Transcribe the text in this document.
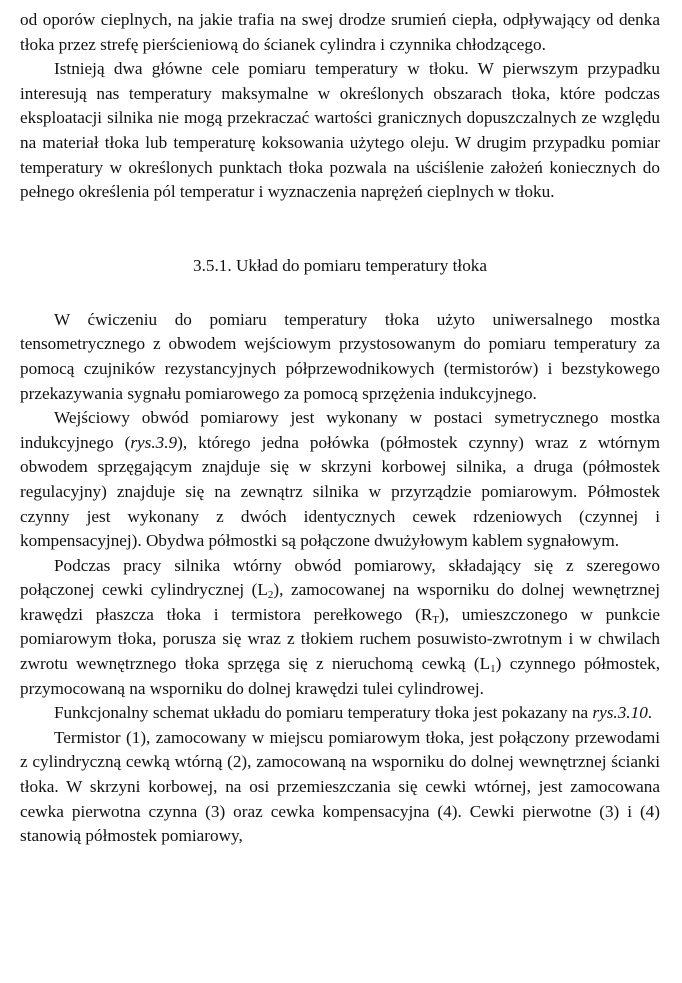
od oporów cieplnych, na jakie trafia na swej drodze srumień ciepła, odpływający od denka tłoka przez strefę pierścieniową do ścianek cylindra i czynnika chłodzącego.

Istnieją dwa główne cele pomiaru temperatury w tłoku. W pierwszym przypadku interesują nas temperatury maksymalne w określonych obszarach tłoka, które podczas eksploatacji silnika nie mogą przekraczać wartości granicznych dopuszczalnych ze względu na materiał tłoka lub temperaturę koksowania użytego oleju. W drugim przypadku pomiar temperatury w określonych punktach tłoka pozwala na uściślenie założeń koniecznych do pełnego określenia pól temperatur i wyznaczenia naprężeń cieplnych w tłoku.

3.5.1. Układ do pomiaru temperatury tłoka

W ćwiczeniu do pomiaru temperatury tłoka użyto uniwersalnego mostka tensometrycznego z obwodem wejściowym przystosowanym do pomiaru temperatury za pomocą czujników rezystancyjnych półprzewodnikowych (termistorów) i bezstykowego przekazywania sygnału pomiarowego za pomocą sprzężenia indukcyjnego.

Wejściowy obwód pomiarowy jest wykonany w postaci symetrycznego mostka indukcyjnego (rys.3.9), którego jedna połówka (półmostek czynny) wraz z wtórnym obwodem sprzęgającym znajduje się w skrzyni korbowej silnika, a druga (półmostek regulacyjny) znajduje się na zewnątrz silnika w przyrządzie pomiarowym. Półmostek czynny jest wykonany z dwóch identycznych cewek rdzeniowych (czynnej i kompensacyjnej). Obydwa półmostki są połączone dwużyłowym kablem sygnałowym.

Podczas pracy silnika wtórny obwód pomiarowy, składający się z szeregowo połączonej cewki cylindrycznej $(L_2)$, zamocowanej na wsporniku do dolnej wewnętrznej krawędzi płaszcza tłoka i termistora perełkowego $(R_T)$, umieszczonego w punkcie pomiarowym tłoka, porusza się wraz z tłokiem ruchem posuwisto-zwrotnym i w chwilach zwrotu wewnętrznego tłoka sprzęga się z nieruchomą cewką $(L_1)$ czynnego półmostek, przymocowaną na wsporniku do dolnej krawędzi tulei cylindrowej.

Funkcjonalny schemat układu do pomiaru temperatury tłoka jest pokazany na rys.3.10.

Termistor (1), zamocowany w miejscu pomiarowym tłoka, jest połączony przewodami z cylindryczną cewką wtórną (2), zamocowaną na wsporniku do dolnej wewnętrznej ścianki tłoka. W skrzyni korbowej, na osi przemieszczania się cewki wtórnej, jest zamocowana cewka pierwotna czynna (3) oraz cewka kompensacyjna (4). Cewki pierwotne (3) i (4) stanowią półmostek pomiarowy,
